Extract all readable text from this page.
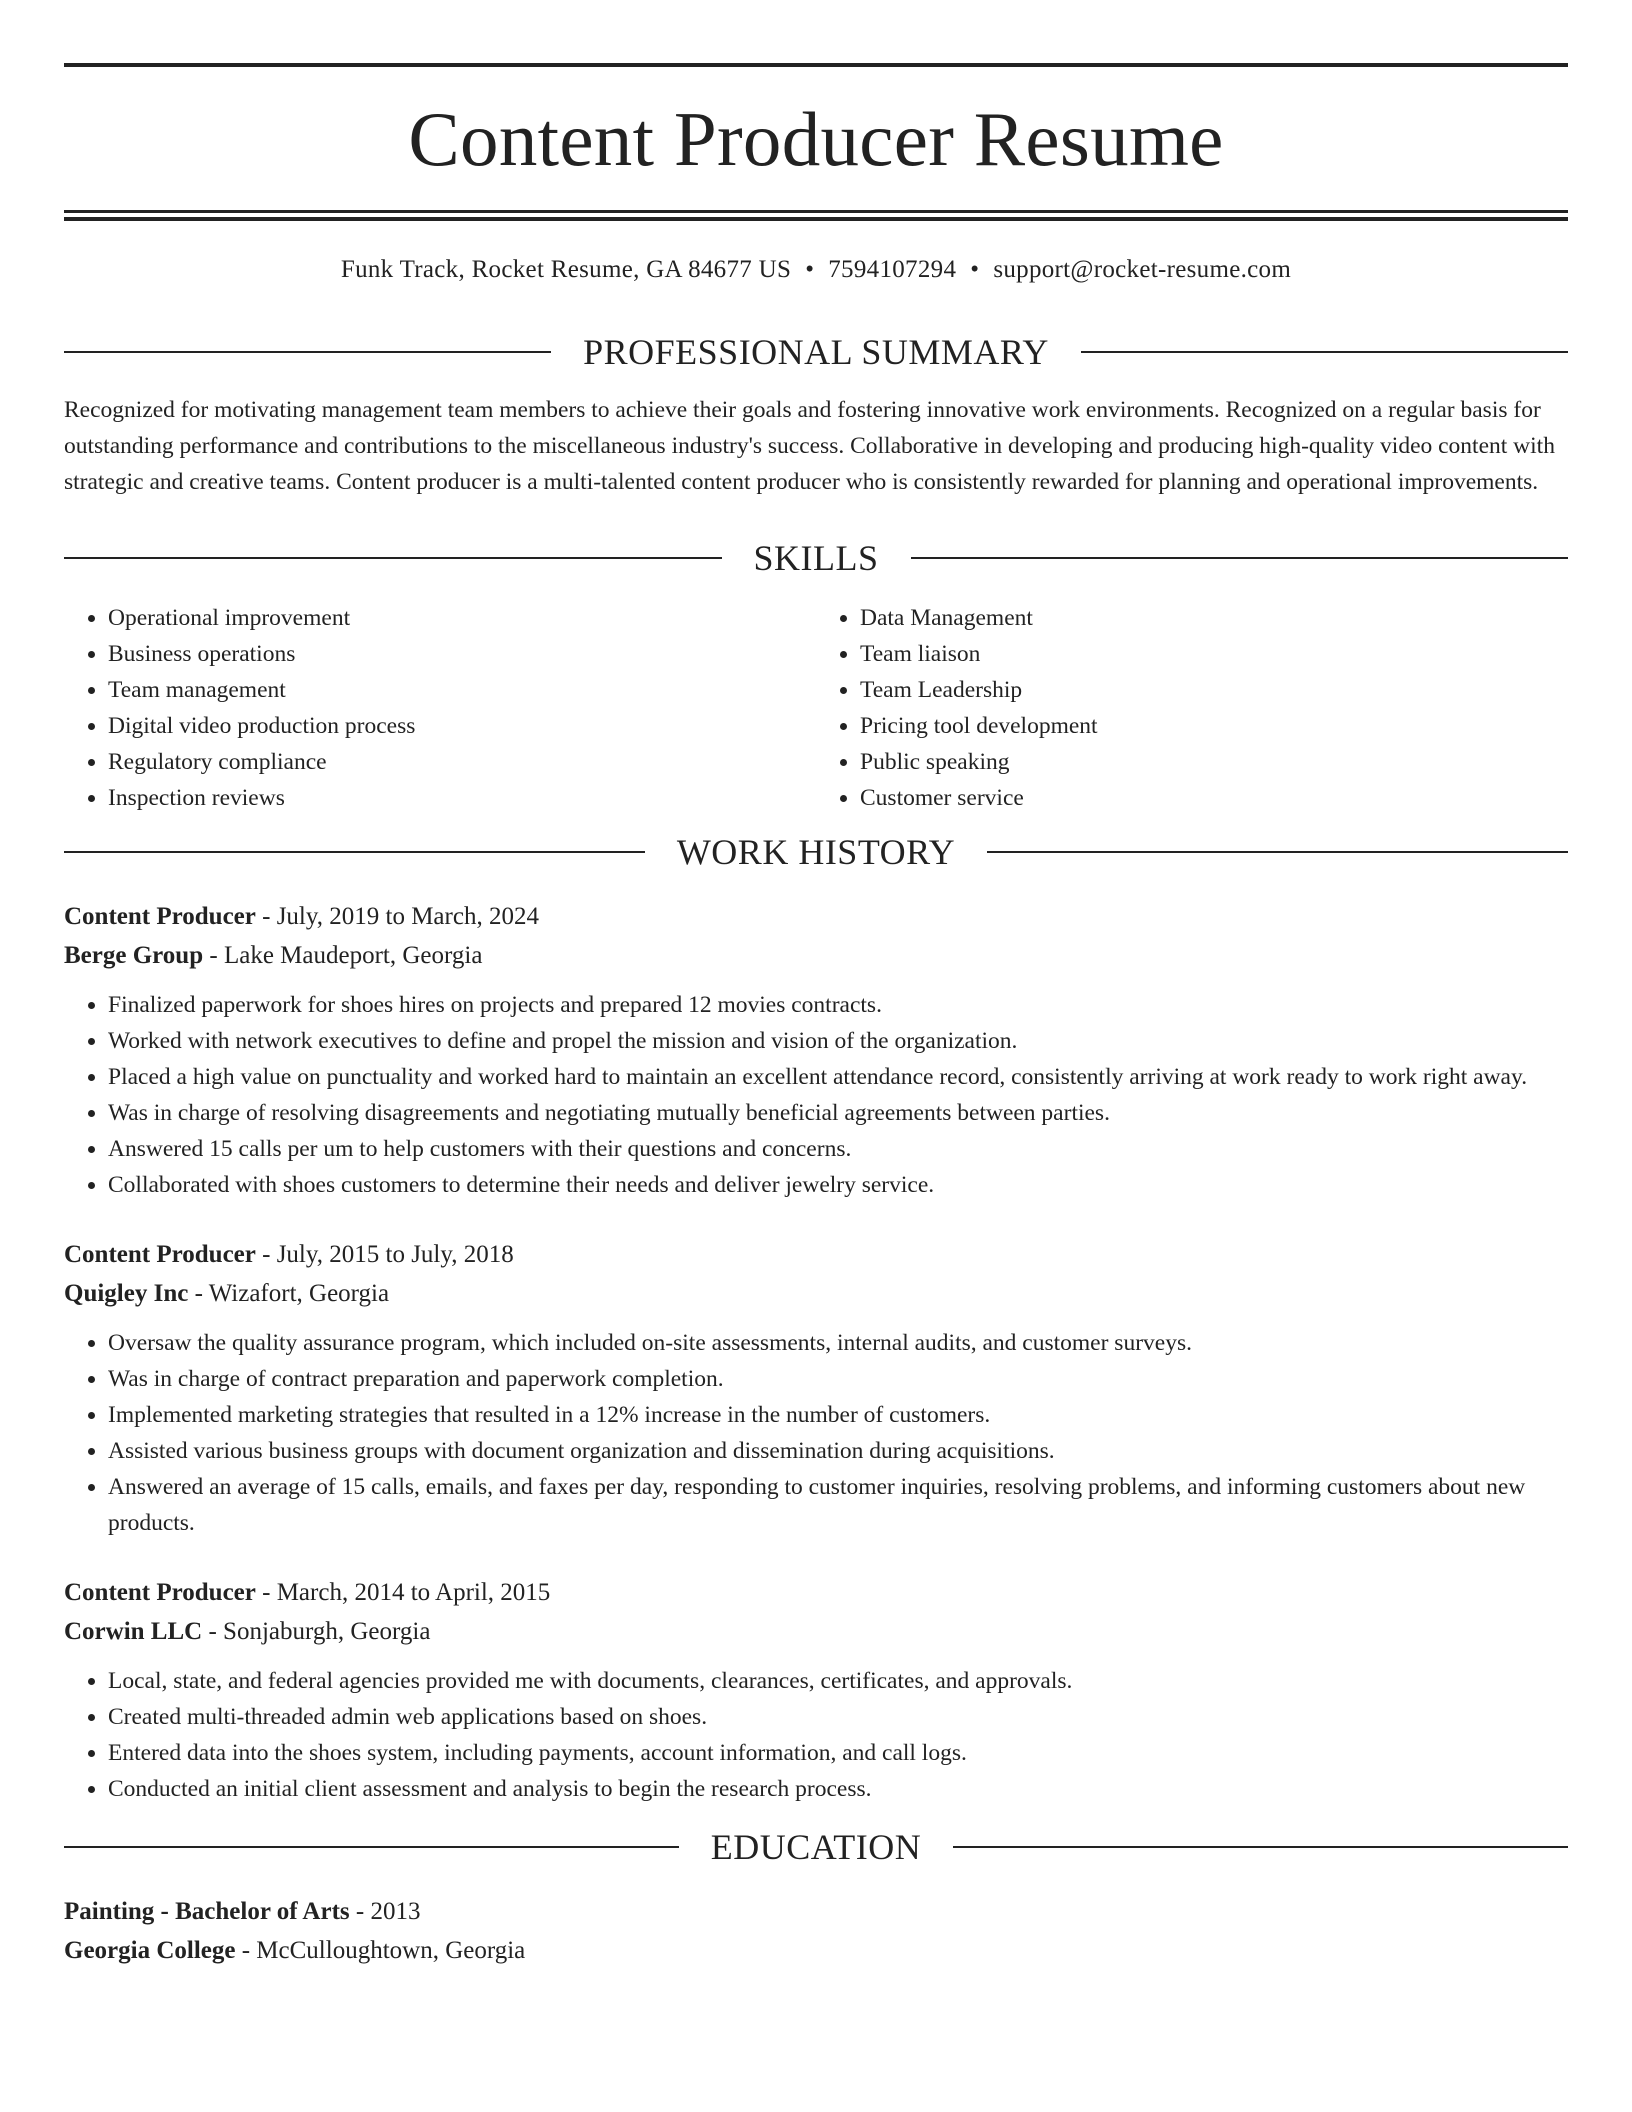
Content Producer Resume
Funk Track, Rocket Resume, GA 84677 US • 7594107294 • support@rocket-resume.com
PROFESSIONAL SUMMARY

Recognized for motivating management team members to achieve their goals and fostering innovative work environments. Recognized on a regular basis for outstanding performance and contributions to the miscellaneous industry's success. Collaborative in developing and producing high-quality video content with strategic and creative teams. Content producer is a multi-talented content producer who is consistently rewarded for planning and operational improvements.

SKILLS
• Operational improvement
• Business operations
• Team management
• Digital video production process
• Regulatory compliance
• Inspection reviews
• Data Management
• Team liaison
• Team Leadership
• Pricing tool development
• Public speaking
• Customer service
WORK HISTORY
Content Producer - July, 2019 to March, 2024
Berge Group - Lake Maudeport, Georgia
• Finalized paperwork for shoes hires on projects and prepared 12 movies contracts.
• Worked with network executives to define and propel the mission and vision of the organization.
• Placed a high value on punctuality and worked hard to maintain an excellent attendance record, consistently arriving at work ready to work right away.
• Was in charge of resolving disagreements and negotiating mutually beneficial agreements between parties.
• Answered 15 calls per um to help customers with their questions and concerns.
• Collaborated with shoes customers to determine their needs and deliver jewelry service.
Content Producer - July, 2015 to July, 2018
Quigley Inc - Wizafort, Georgia
• Oversaw the quality assurance program, which included on-site assessments, internal audits, and customer surveys.
• Was in charge of contract preparation and paperwork completion.
• Implemented marketing strategies that resulted in a 12% increase in the number of customers.
• Assisted various business groups with document organization and dissemination during acquisitions.
• Answered an average of 15 calls, emails, and faxes per day, responding to customer inquiries, resolving problems, and informing customers about new products.
Content Producer - March, 2014 to April, 2015
Corwin LLC - Sonjaburgh, Georgia
• Local, state, and federal agencies provided me with documents, clearances, certificates, and approvals.
• Created multi-threaded admin web applications based on shoes.
• Entered data into the shoes system, including payments, account information, and call logs.
• Conducted an initial client assessment and analysis to begin the research process.
EDUCATION
Painting - Bachelor of Arts - 2013
Georgia College - McCulloughtown, Georgia
